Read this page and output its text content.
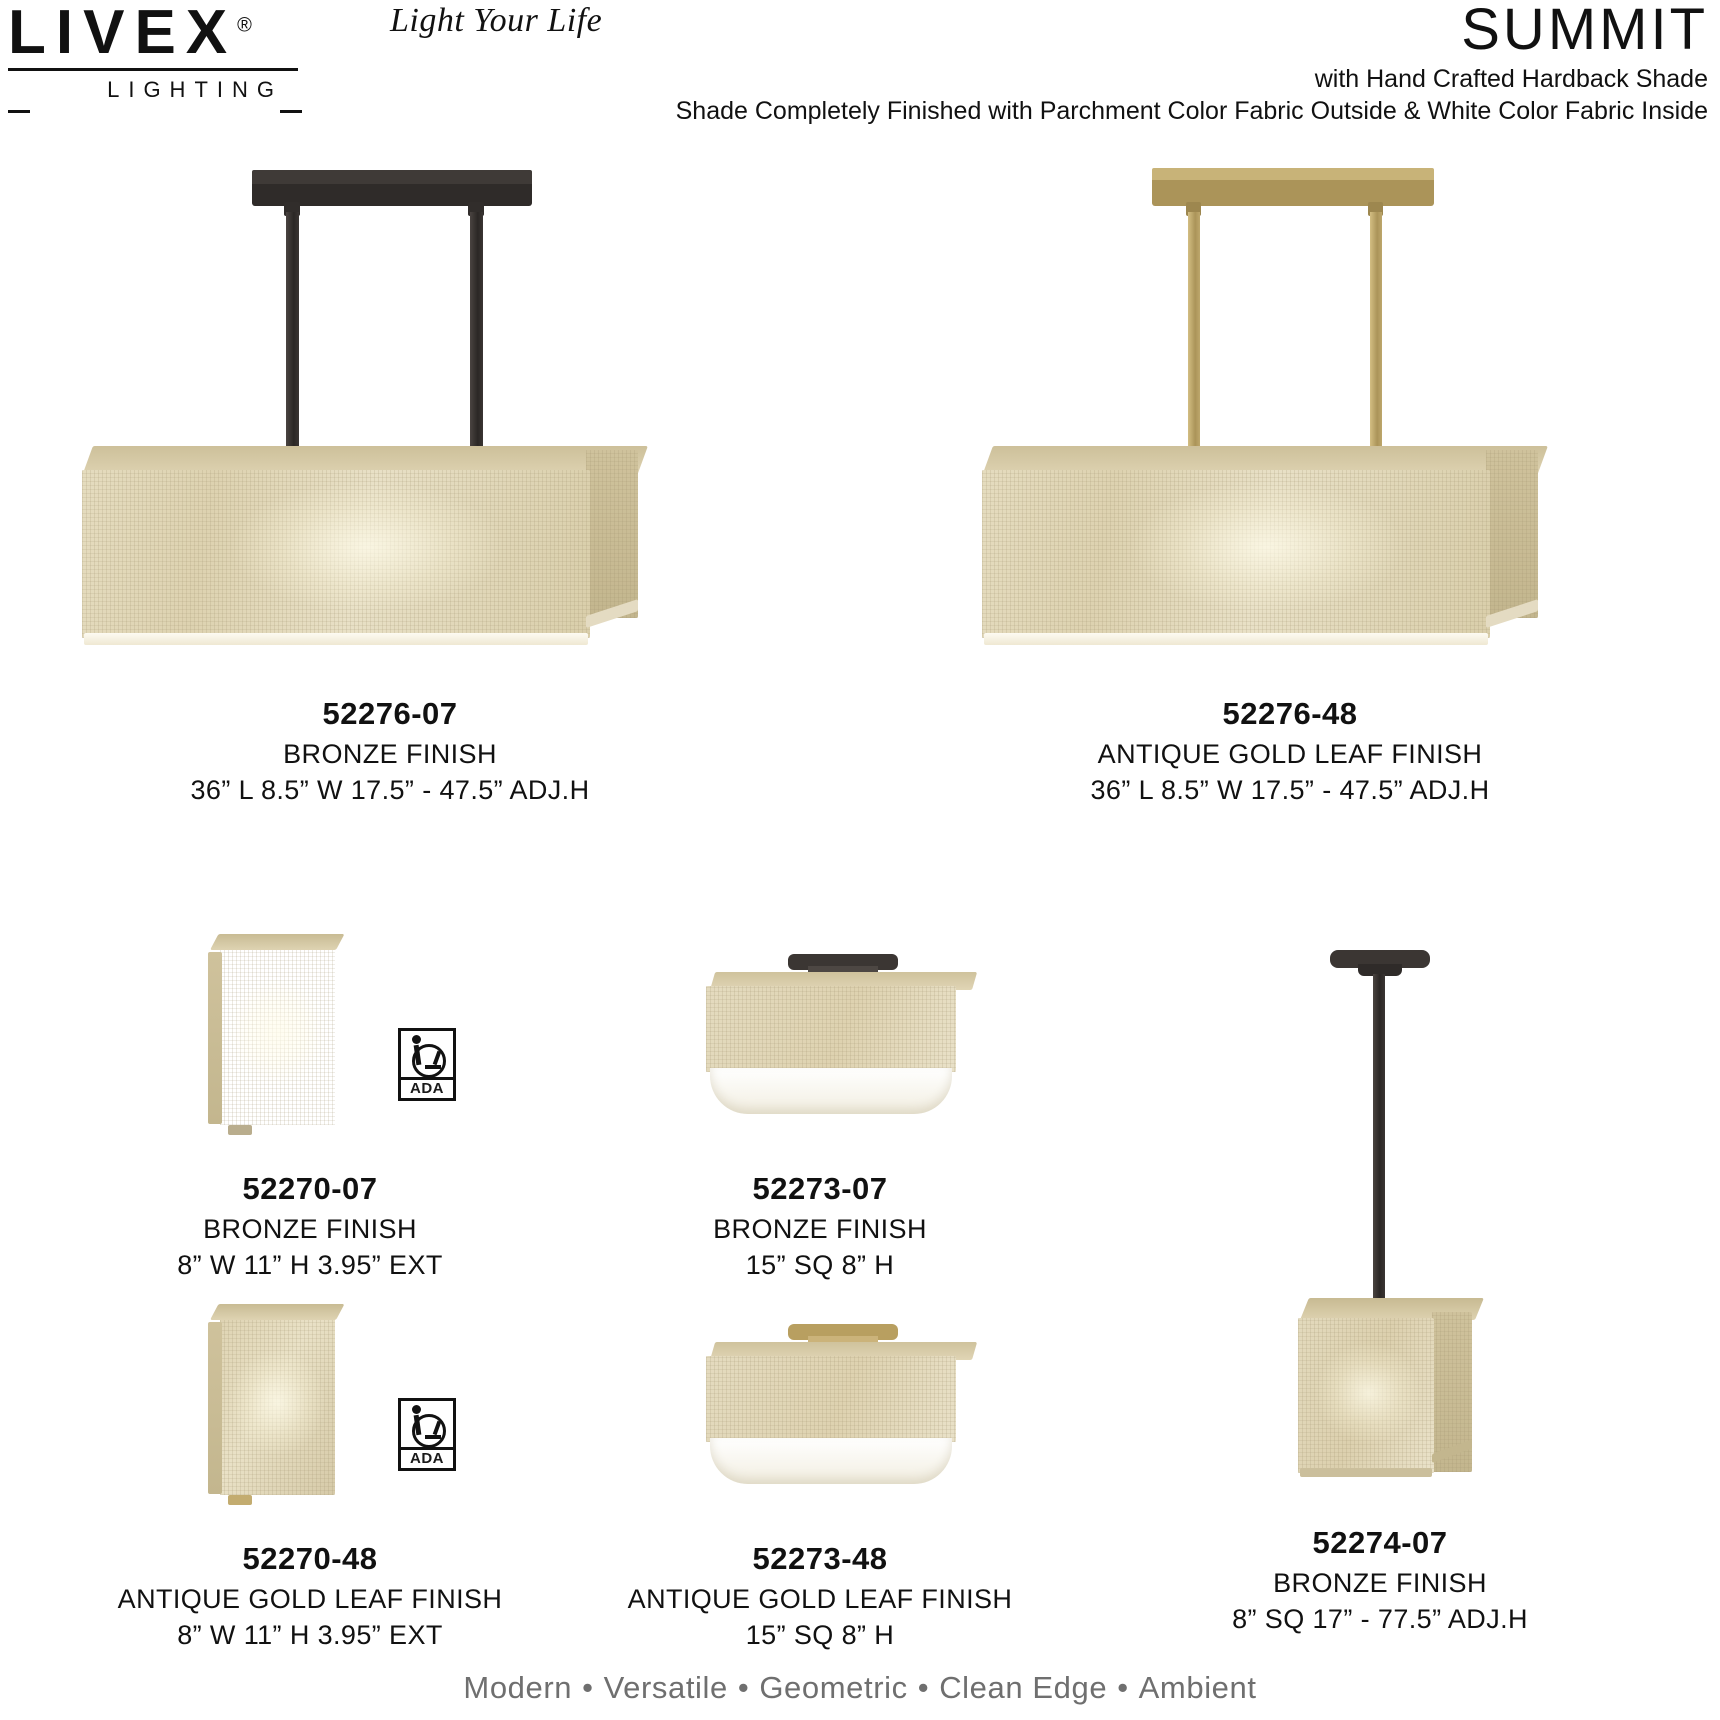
LIVEX®
LIGHTING
Light Your Life	SUMMIT
with Hand Crafted Hardback Shade
Shade Completely Finished with Parchment Color Fabric Outside & White Color Fabric Inside
52276-07
BRONZE FINISH
36” L 8.5” W 17.5” - 47.5” ADJ.H
52276-48
ANTIQUE GOLD LEAF FINISH
36” L 8.5” W 17.5” - 47.5” ADJ.H
ADA
52270-07
BRONZE FINISH
8” W 11” H 3.95” EXT
52273-07
BRONZE FINISH
15” SQ 8” H
ADA
52270-48
ANTIQUE GOLD LEAF FINISH
8” W 11” H 3.95” EXT
52273-48
ANTIQUE GOLD LEAF FINISH
15” SQ 8” H
52274-07
BRONZE FINISH
8” SQ 17” - 77.5” ADJ.H
Modern • Versatile • Geometric • Clean Edge • Ambient
